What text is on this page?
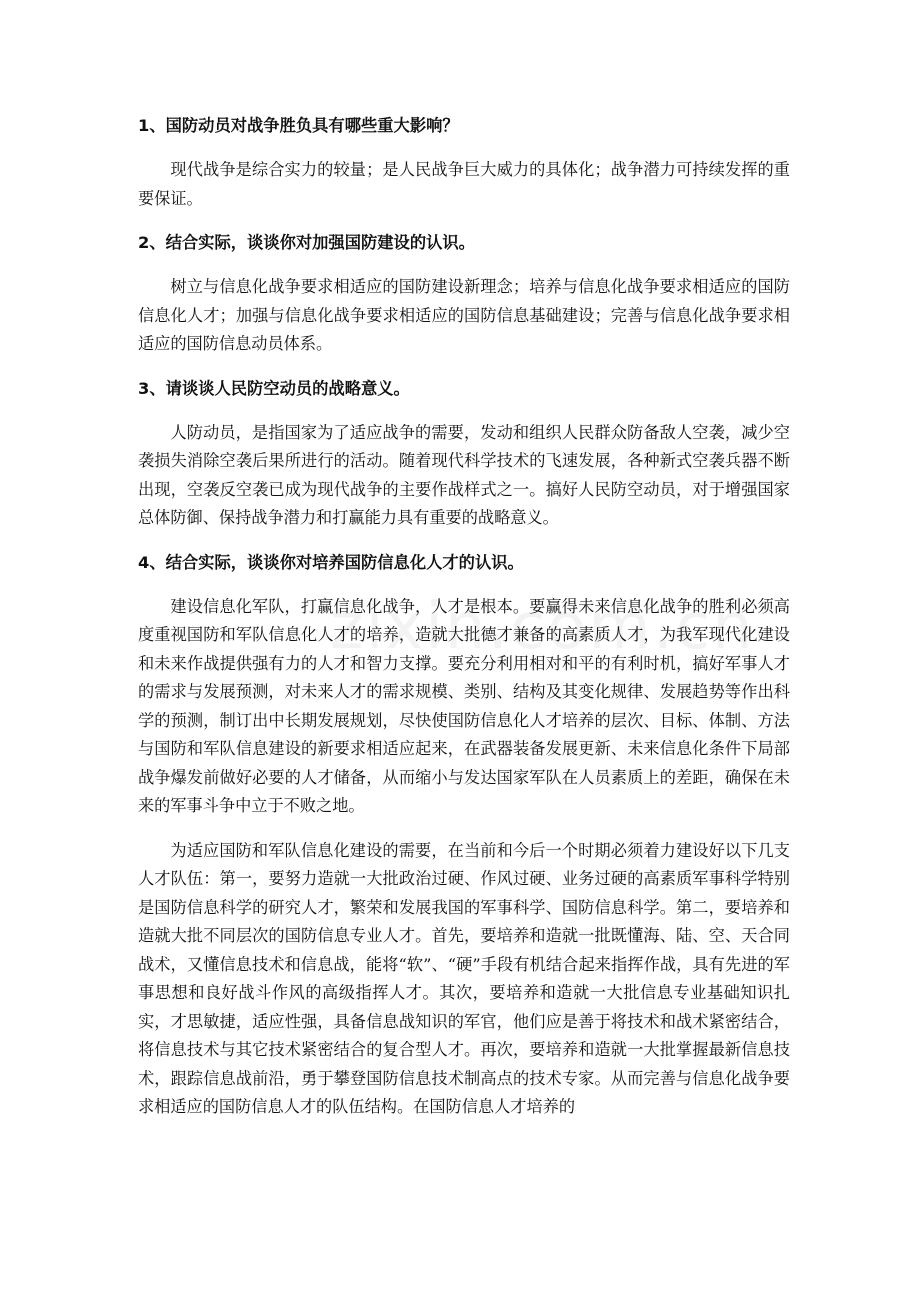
1、国防动员对战争胜负具有哪些重大影响？

现代战争是综合实力的较量；是人民战争巨大威力的具体化；战争潜力可持续发挥的重要保证。

2、结合实际，谈谈你对加强国防建设的认识。

树立与信息化战争要求相适应的国防建设新理念；培养与信息化战争要求相适应的国防信息化人才；加强与信息化战争要求相适应的国防信息基础建设；完善与信息化战争要求相适应的国防信息动员体系。

3、请谈谈人民防空动员的战略意义。

人防动员，是指国家为了适应战争的需要，发动和组织人民群众防备敌人空袭，减少空袭损失消除空袭后果所进行的活动。随着现代科学技术的飞速发展，各种新式空袭兵器不断出现，空袭反空袭已成为现代战争的主要作战样式之一。搞好人民防空动员，对于增强国家总体防御、保持战争潜力和打赢能力具有重要的战略意义。

4、结合实际，谈谈你对培养国防信息化人才的认识。

建设信息化军队，打赢信息化战争，人才是根本。要赢得未来信息化战争的胜利必须高度重视国防和军队信息化人才的培养，造就大批德才兼备的高素质人才，为我军现代化建设和未来作战提供强有力的人才和智力支撑。要充分利用相对和平的有利时机，搞好军事人才的需求与发展预测，对未来人才的需求规模、类别、结构及其变化规律、发展趋势等作出科学的预测，制订出中长期发展规划，尽快使国防信息化人才培养的层次、目标、体制、方法与国防和军队信息建设的新要求相适应起来，在武器装备发展更新、未来信息化条件下局部战争爆发前做好必要的人才储备，从而缩小与发达国家军队在人员素质上的差距，确保在未来的军事斗争中立于不败之地。

为适应国防和军队信息化建设的需要，在当前和今后一个时期必须着力建设好以下几支人才队伍：第一，要努力造就一大批政治过硬、作风过硬、业务过硬的高素质军事科学特别是国防信息科学的研究人才，繁荣和发展我国的军事科学、国防信息科学。第二，要培养和造就大批不同层次的国防信息专业人才。首先，要培养和造就一批既懂海、陆、空、天合同战术，又懂信息技术和信息战，能将“软”、“硬”手段有机结合起来指挥作战，具有先进的军事思想和良好战斗作风的高级指挥人才。其次，要培养和造就一大批信息专业基础知识扎实，才思敏捷，适应性强，具备信息战知识的军官，他们应是善于将技术和战术紧密结合，将信息技术与其它技术紧密结合的复合型人才。再次，要培养和造就一大批掌握最新信息技术，跟踪信息战前沿，勇于攀登国防信息技术制高点的技术专家。从而完善与信息化战争要求相适应的国防信息人才的队伍结构。在国防信息人才培养的
